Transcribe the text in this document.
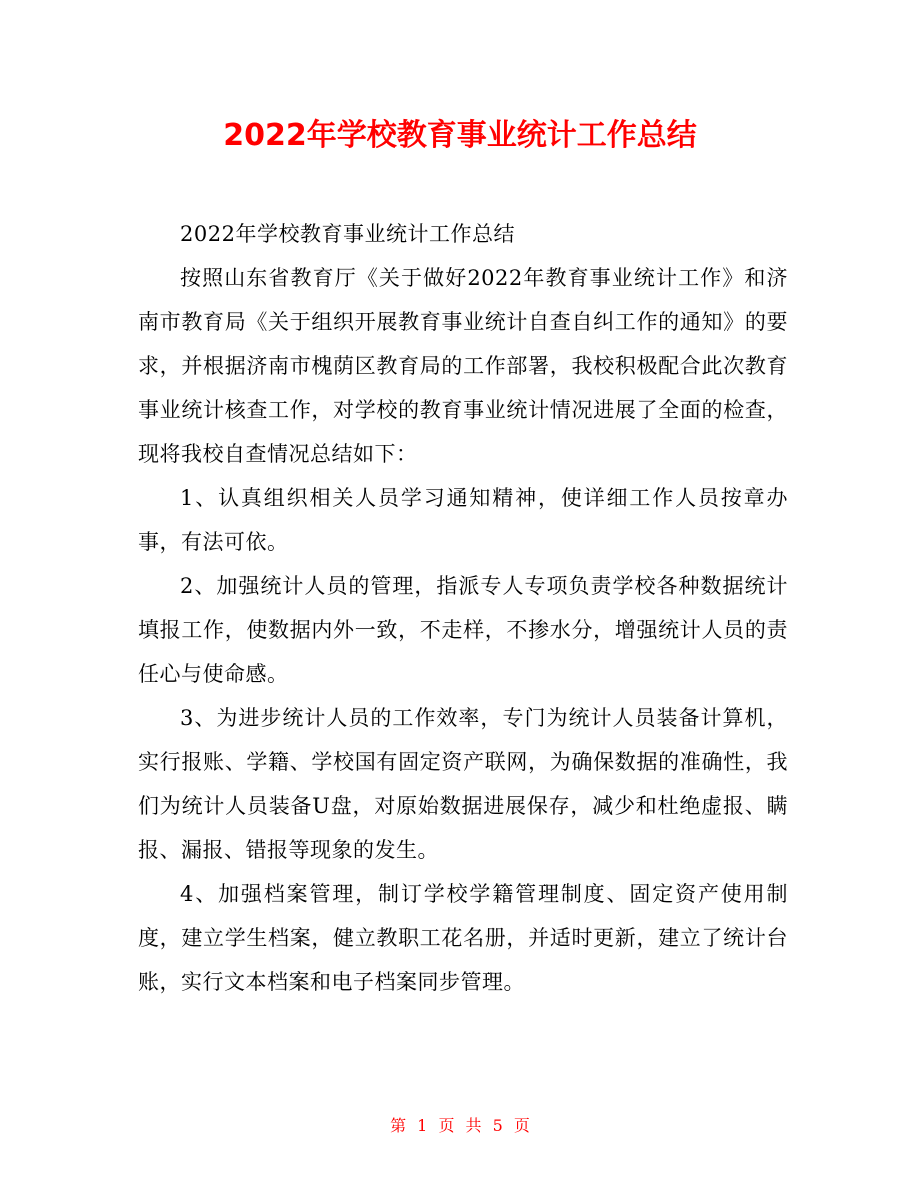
2022年学校教育事业统计工作总结

2022年学校教育事业统计工作总结

按照山东省教育厅《关于做好2022年教育事业统计工作》和济南市教育局《关于组织开展教育事业统计自查自纠工作的通知》的要求，并根据济南市槐荫区教育局的工作部署，我校积极配合此次教育事业统计核查工作，对学校的教育事业统计情况进展了全面的检查，现将我校自查情况总结如下：

1、认真组织相关人员学习通知精神，使详细工作人员按章办事，有法可依。

2、加强统计人员的管理，指派专人专项负责学校各种数据统计填报工作，使数据内外一致，不走样，不掺水分，增强统计人员的责任心与使命感。

3、为进步统计人员的工作效率，专门为统计人员装备计算机，实行报账、学籍、学校国有固定资产联网，为确保数据的准确性，我们为统计人员装备U盘，对原始数据进展保存，减少和杜绝虚报、瞒报、漏报、错报等现象的发生。

4、加强档案管理，制订学校学籍管理制度、固定资产使用制度，建立学生档案，健立教职工花名册，并适时更新，建立了统计台账，实行文本档案和电子档案同步管理。

第 1 页 共 5 页
